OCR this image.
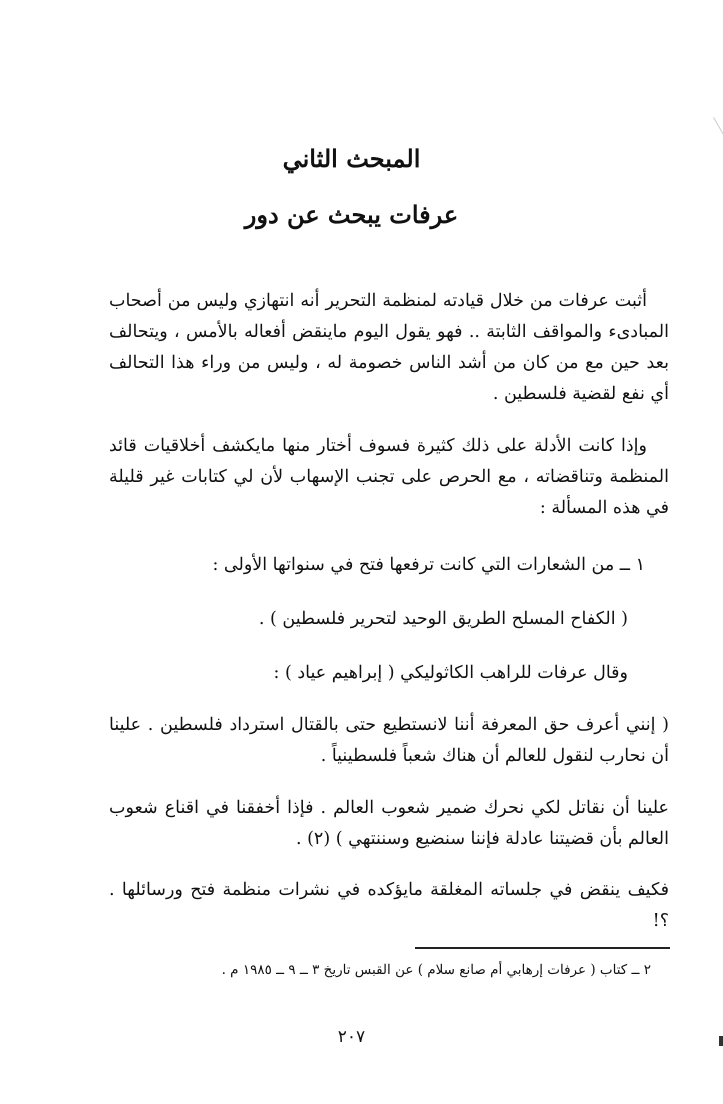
المبحث الثاني
عرفات يبحث عن دور
أثبت عرفات من خلال قيادته لمنظمة التحرير أنه انتهازي وليس من أصحاب المبادىء والمواقف الثابتة .. فهو يقول اليوم ماينقض أفعاله بالأمس ، ويتحالف بعد حين مع من كان من أشد الناس خصومة له ، وليس من وراء هذا التحالف أي نفع لقضية فلسطين .
وإذا كانت الأدلة على ذلك كثيرة فسوف أختار منها مايكشف أخلاقيات قائد المنظمة وتناقضاته ، مع الحرص على تجنب الإسهاب لأن لي كتابات غير قليلة في هذه المسألة :
١ ــ من الشعارات التي كانت ترفعها فتح في سنواتها الأولى :
( الكفاح المسلح الطريق الوحيد لتحرير فلسطين ) .
وقال عرفات للراهب الكاثوليكي ( إبراهيم عياد ) :
( إنني أعرف حق المعرفة أننا لانستطيع حتى بالقتال استرداد فلسطين . علينا أن نحارب لنقول للعالم أن هناك شعباً فلسطينياً .
علينا أن نقاتل لكي نحرك ضمير شعوب العالم . فإذا أخفقنا في اقناع شعوب العالم بأن قضيتنا عادلة فإننا سنضيع وسننتهي ) (٢) .
فكيف ينقض في جلساته المغلقة مايؤكده في نشرات منظمة فتح ورسائلها . ؟!
٢ ــ كتاب ( عرفات إرهابي أم صانع سلام ) عن القبس تاريخ ٣ ــ ٩ ــ ١٩٨٥ م .
٢٠٧
